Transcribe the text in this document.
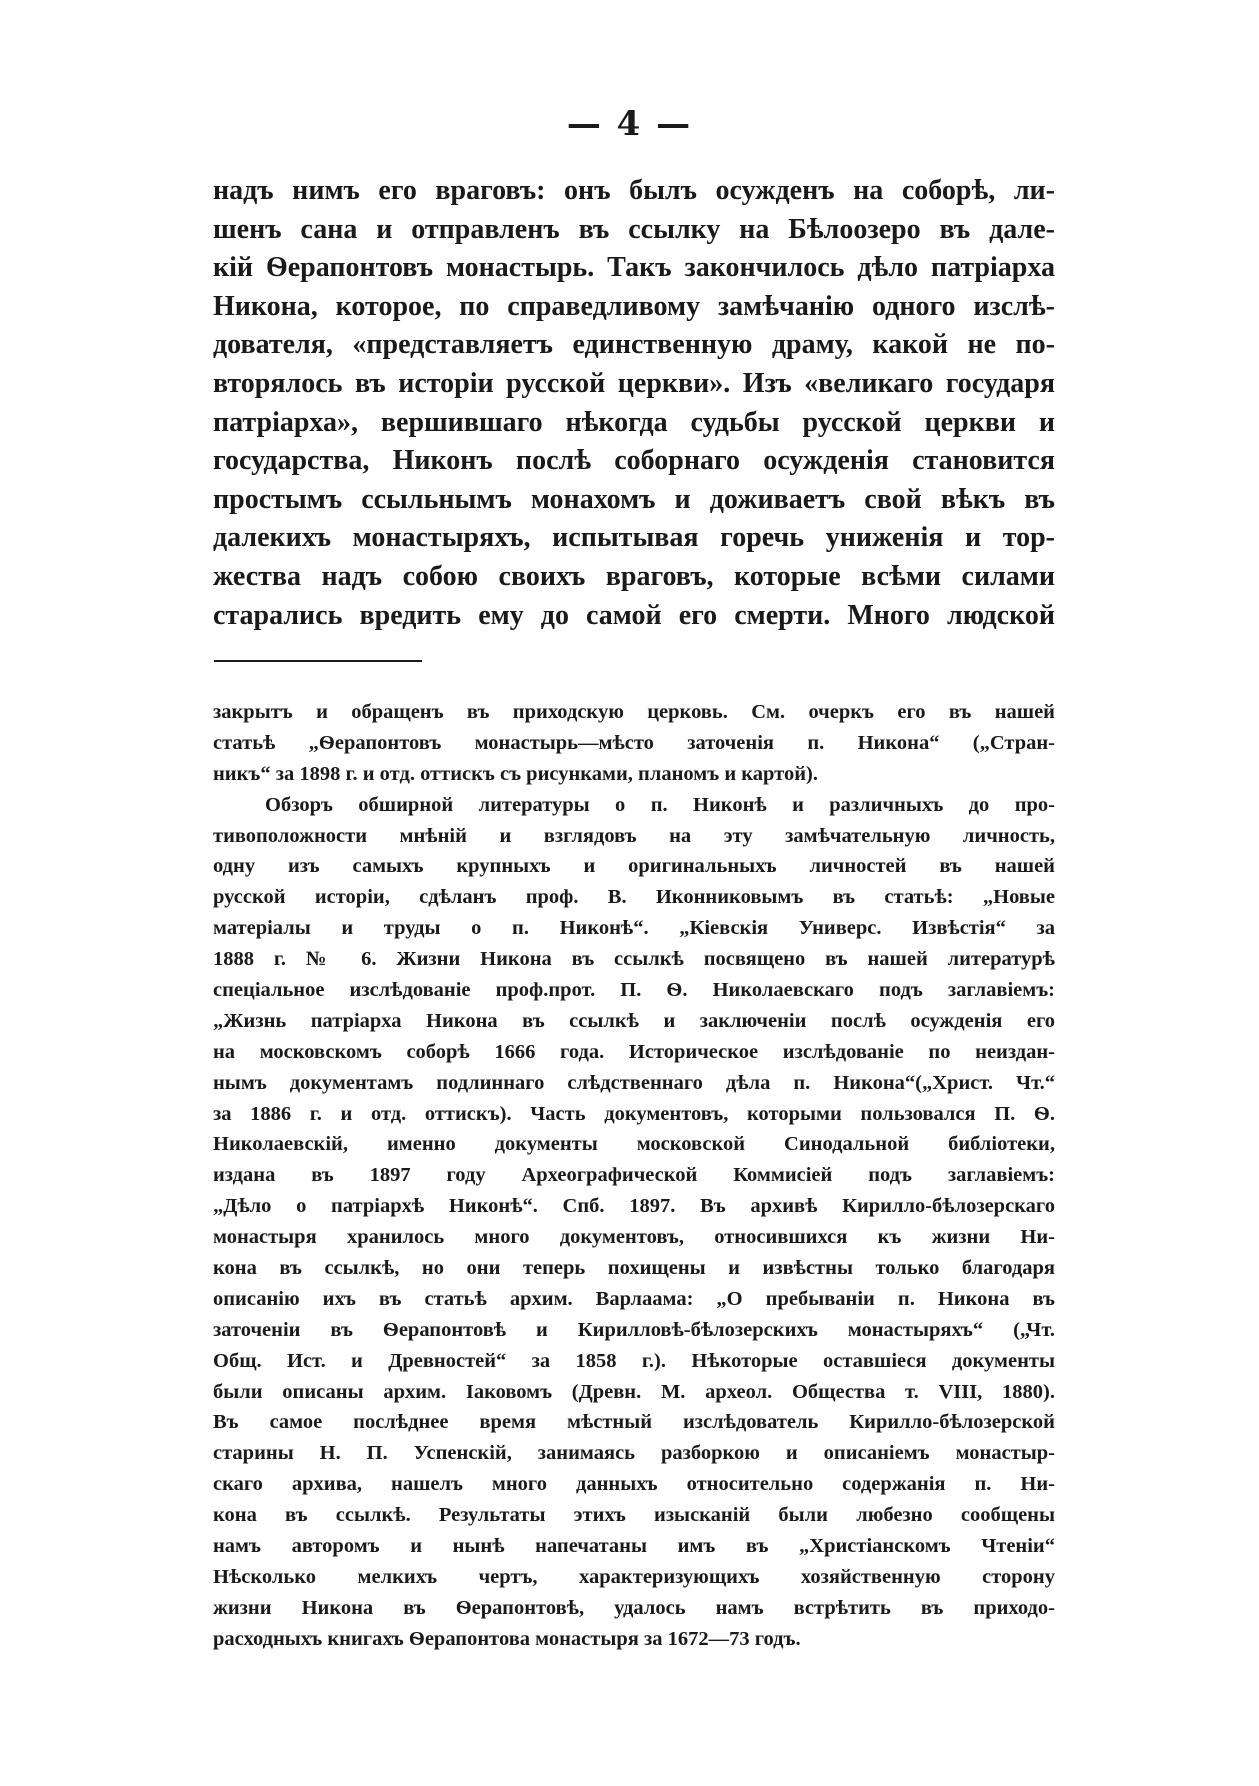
— 4 —
надъ нимъ его враговъ: онъ былъ осужденъ на соборѣ, ли-
шенъ сана и отправленъ въ ссылку на Бѣлоозеро въ дале-
кій Ѳерапонтовъ монастырь. Такъ закончилось дѣло патріарха
Никона, которое, по справедливому замѣчанію одного изслѣ-
дователя, «представляетъ единственную драму, какой не по-
вторялось въ исторіи русской церкви». Изъ «великаго государя
патріарха», вершившаго нѣкогда судьбы русской церкви и
государства, Никонъ послѣ соборнаго осужденія становится
простымъ ссыльнымъ монахомъ и доживаетъ свой вѣкъ въ
далекихъ монастыряхъ, испытывая горечь униженія и тор-
жества надъ собою своихъ враговъ, которые всѣми силами
старались вредить ему до самой его смерти. Много людской
закрытъ и обращенъ въ приходскую церковь. См. очеркъ его въ нашей
статьѣ „Ѳерапонтовъ монастырь—мѣсто заточенія п. Никона“ („Стран-
никъ“ за 1898 г. и отд. оттискъ съ рисунками, планомъ и картой).
Обзоръ обширной литературы о п. Никонѣ и различныхъ до про-
тивоположности мнѣній и взглядовъ на эту замѣчательную личность,
одну изъ самыхъ крупныхъ и оригинальныхъ личностей въ нашей
русской исторіи, сдѣланъ проф. В. Иконниковымъ въ статьѣ: „Новые
матеріалы и труды о п. Никонѣ“. „Кіевскія Универс. Извѣстія“ за
1888 г. № 6. Жизни Никона въ ссылкѣ посвящено въ нашей литературѣ
спеціальное изслѣдованіе проф.прот. П. Ѳ. Николаевскаго подъ заглавіемъ:
„Жизнь патріарха Никона въ ссылкѣ и заключеніи послѣ осужденія его
на московскомъ соборѣ 1666 года. Историческое изслѣдованіе по неиздан-
нымъ документамъ подлиннаго слѣдственнаго дѣла п. Никона“(„Христ. Чт.“
за 1886 г. и отд. оттискъ). Часть документовъ, которыми пользовался П. Ѳ.
Николаевскій, именно документы московской Синодальной библіотеки,
издана въ 1897 году Археографической Коммисіей подъ заглавіемъ:
„Дѣло о патріархѣ Никонѣ“. Спб. 1897. Въ архивѣ Кирилло-бѣлозерскаго
монастыря хранилось много документовъ, относившихся къ жизни Ни-
кона въ ссылкѣ, но они теперь похищены и извѣстны только благодаря
описанію ихъ въ статьѣ архим. Варлаама: „О пребываніи п. Никона въ
заточеніи въ Ѳерапонтовѣ и Кирилловѣ-бѣлозерскихъ монастыряхъ“ („Чт.
Общ. Ист. и Древностей“ за 1858 г.). Нѣкоторые оставшіеся документы
были описаны архим. Іаковомъ (Древн. М. археол. Общества т. VIII, 1880).
Въ самое послѣднее время мѣстный изслѣдователь Кирилло-бѣлозерской
старины Н. П. Успенскій, занимаясь разборкою и описаніемъ монастыр-
скаго архива, нашелъ много данныхъ относительно содержанія п. Ни-
кона въ ссылкѣ. Результаты этихъ изысканій были любезно сообщены
намъ авторомъ и нынѣ напечатаны имъ въ „Христіанскомъ Чтеніи“
Нѣсколько мелкихъ чертъ, характеризующихъ хозяйственную сторону
жизни Никона въ Ѳерапонтовѣ, удалось намъ встрѣтить въ приходо-
расходныхъ книгахъ Ѳерапонтова монастыря за 1672—73 годъ.
